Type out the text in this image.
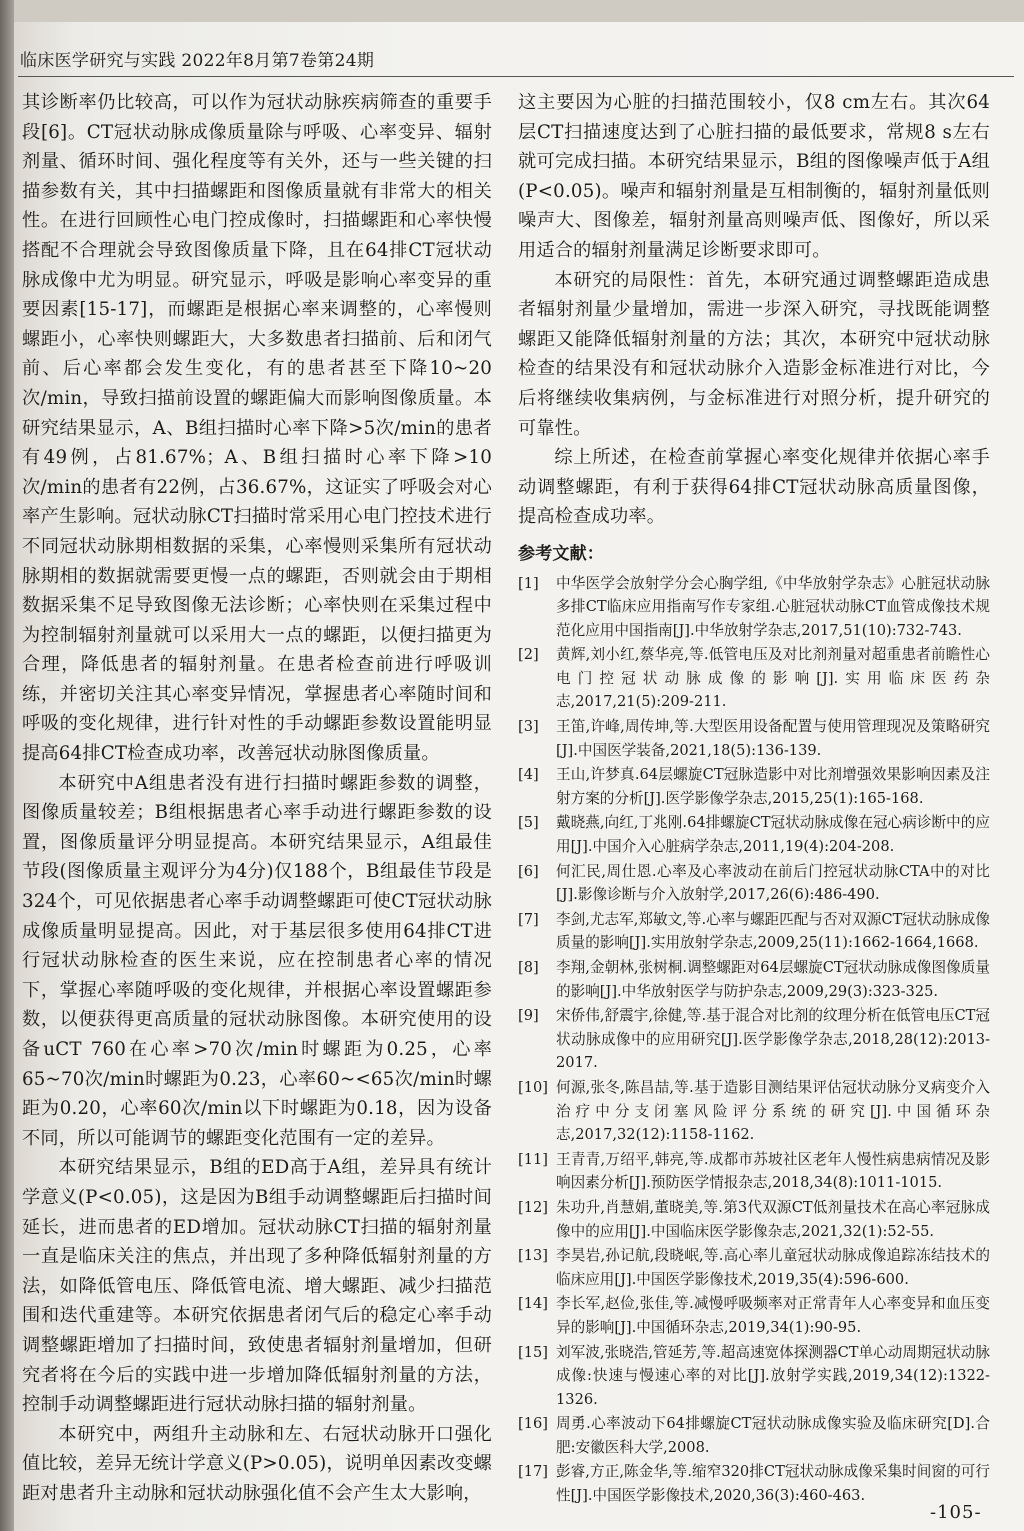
临床医学研究与实践 2022年8月第7卷第24期

其诊断率仍比较高，可以作为冠状动脉疾病筛查的重要手段[6]。CT冠状动脉成像质量除与呼吸、心率变异、辐射剂量、循环时间、强化程度等有关外，还与一些关键的扫描参数有关，其中扫描螺距和图像质量就有非常大的相关性。在进行回顾性心电门控成像时，扫描螺距和心率快慢搭配不合理就会导致图像质量下降，且在64排CT冠状动脉成像中尤为明显。研究显示，呼吸是影响心率变异的重要因素[15-17]，而螺距是根据心率来调整的，心率慢则螺距小，心率快则螺距大，大多数患者扫描前、后和闭气前、后心率都会发生变化，有的患者甚至下降10~20次/min，导致扫描前设置的螺距偏大而影响图像质量。本研究结果显示，A、B组扫描时心率下降>5次/min的患者有49例，占81.67%；A、B组扫描时心率下降>10次/min的患者有22例，占36.67%，这证实了呼吸会对心率产生影响。冠状动脉CT扫描时常采用心电门控技术进行不同冠状动脉期相数据的采集，心率慢则采集所有冠状动脉期相的数据就需要更慢一点的螺距，否则就会由于期相数据采集不足导致图像无法诊断；心率快则在采集过程中为控制辐射剂量就可以采用大一点的螺距，以便扫描更为合理，降低患者的辐射剂量。在患者检查前进行呼吸训练，并密切关注其心率变异情况，掌握患者心率随时间和呼吸的变化规律，进行针对性的手动螺距参数设置能明显提高64排CT检查成功率，改善冠状动脉图像质量。

本研究中A组患者没有进行扫描时螺距参数的调整，图像质量较差；B组根据患者心率手动进行螺距参数的设置，图像质量评分明显提高。本研究结果显示，A组最佳节段(图像质量主观评分为4分)仅188个，B组最佳节段是324个，可见依据患者心率手动调整螺距可使CT冠状动脉成像质量明显提高。因此，对于基层很多使用64排CT进行冠状动脉检查的医生来说，应在控制患者心率的情况下，掌握心率随呼吸的变化规律，并根据心率设置螺距参数，以便获得更高质量的冠状动脉图像。本研究使用的设备uCT 760在心率>70次/min时螺距为0.25，心率65~70次/min时螺距为0.23，心率60~<65次/min时螺距为0.20，心率60次/min以下时螺距为0.18，因为设备不同，所以可能调节的螺距变化范围有一定的差异。

本研究结果显示，B组的ED高于A组，差异具有统计学意义(P<0.05)，这是因为B组手动调整螺距后扫描时间延长，进而患者的ED增加。冠状动脉CT扫描的辐射剂量一直是临床关注的焦点，并出现了多种降低辐射剂量的方法，如降低管电压、降低管电流、增大螺距、减少扫描范围和迭代重建等。本研究依据患者闭气后的稳定心率手动调整螺距增加了扫描时间，致使患者辐射剂量增加，但研究者将在今后的实践中进一步增加降低辐射剂量的方法，控制手动调整螺距进行冠状动脉扫描的辐射剂量。

本研究中，两组升主动脉和左、右冠状动脉开口强化值比较，差异无统计学意义(P>0.05)，说明单因素改变螺距对患者升主动脉和冠状动脉强化值不会产生太大影响，

这主要因为心脏的扫描范围较小，仅8 cm左右。其次64层CT扫描速度达到了心脏扫描的最低要求，常规8 s左右就可完成扫描。本研究结果显示，B组的图像噪声低于A组(P<0.05)。噪声和辐射剂量是互相制衡的，辐射剂量低则噪声大、图像差，辐射剂量高则噪声低、图像好，所以采用适合的辐射剂量满足诊断要求即可。

本研究的局限性：首先，本研究通过调整螺距造成患者辐射剂量少量增加，需进一步深入研究，寻找既能调整螺距又能降低辐射剂量的方法；其次，本研究中冠状动脉检查的结果没有和冠状动脉介入造影金标准进行对比，今后将继续收集病例，与金标准进行对照分析，提升研究的可靠性。

综上所述，在检查前掌握心率变化规律并依据心率手动调整螺距，有利于获得64排CT冠状动脉高质量图像，提高检查成功率。

参考文献：
[1]	中华医学会放射学分会心胸学组,《中华放射学杂志》心脏冠状动脉多排CT临床应用指南写作专家组.心脏冠状动脉CT血管成像技术规范化应用中国指南[J].中华放射学杂志,2017,51(10):732-743.
[2]	黄辉,刘小红,蔡华亮,等.低管电压及对比剂剂量对超重患者前瞻性心电门控冠状动脉成像的影响[J].实用临床医药杂志,2017,21(5):209-211.
[3]	王笛,许峰,周传坤,等.大型医用设备配置与使用管理现况及策略研究[J].中国医学装备,2021,18(5):136-139.
[4]	王山,许梦真.64层螺旋CT冠脉造影中对比剂增强效果影响因素及注射方案的分析[J].医学影像学杂志,2015,25(1):165-168.
[5]	戴晓燕,向红,丁兆刚.64排螺旋CT冠状动脉成像在冠心病诊断中的应用[J].中国介入心脏病学杂志,2011,19(4):204-208.
[6]	何汇民,周仕恩.心率及心率波动在前后门控冠状动脉CTA中的对比[J].影像诊断与介入放射学,2017,26(6):486-490.
[7]	李剑,尤志军,郑敏文,等.心率与螺距匹配与否对双源CT冠状动脉成像质量的影响[J].实用放射学杂志,2009,25(11):1662-1664,1668.
[8]	李翔,金朝林,张树桐.调整螺距对64层螺旋CT冠状动脉成像图像质量的影响[J].中华放射医学与防护杂志,2009,29(3):323-325.
[9]	宋侨伟,舒震宇,徐健,等.基于混合对比剂的纹理分析在低管电压CT冠状动脉成像中的应用研究[J].医学影像学杂志,2018,28(12):2013-2017.
[10] 何源,张冬,陈昌喆,等.基于造影目测结果评估冠状动脉分叉病变介入治疗中分支闭塞风险评分系统的研究[J].中国循环杂志,2017,32(12):1158-1162.
[11] 王青青,万绍平,韩亮,等.成都市苏坡社区老年人慢性病患病情况及影响因素分析[J].预防医学情报杂志,2018,34(8):1011-1015.
[12] 朱功升,肖慧娟,董晓美,等.第3代双源CT低剂量技术在高心率冠脉成像中的应用[J].中国临床医学影像杂志,2021,32(1):52-55.
[13] 李昊岩,孙记航,段晓岷,等.高心率儿童冠状动脉成像追踪冻结技术的临床应用[J].中国医学影像技术,2019,35(4):596-600.
[14] 李长军,赵俭,张佳,等.减慢呼吸频率对正常青年人心率变异和血压变异的影响[J].中国循环杂志,2019,34(1):90-95.
[15] 刘军波,张晓浩,管延芳,等.超高速宽体探测器CT单心动周期冠状动脉成像:快速与慢速心率的对比[J].放射学实践,2019,34(12):1322-1326.
[16] 周勇.心率波动下64排螺旋CT冠状动脉成像实验及临床研究[D].合肥:安徽医科大学,2008.
[17] 彭睿,方正,陈金华,等.缩窄320排CT冠状动脉成像采集时间窗的可行性[J].中国医学影像技术,2020,36(3):460-463.
-105-
